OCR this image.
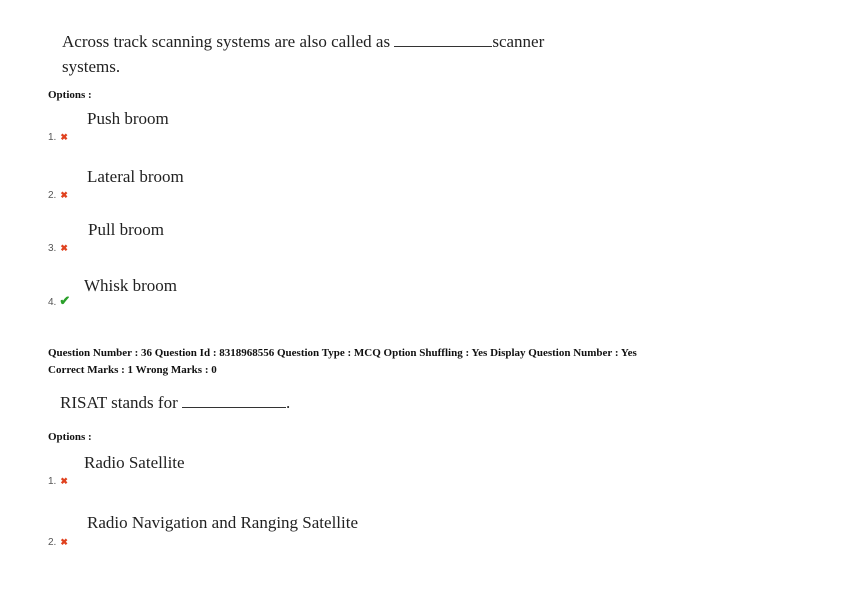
Across track scanning systems are also called as	scanner
systems.
Options :
Push broom
1. ✖
Lateral broom
2. ✖
Pull broom
3. ✖
Whisk broom
4. ✔
Question Number : 36 Question Id : 8318968556 Question Type : MCQ Option Shuffling : Yes Display Question Number : Yes
Correct Marks : 1 Wrong Marks : 0
RISAT stands for	.
Options :
Radio Satellite
1. ✖
Radio Navigation and Ranging Satellite
2. ✖
